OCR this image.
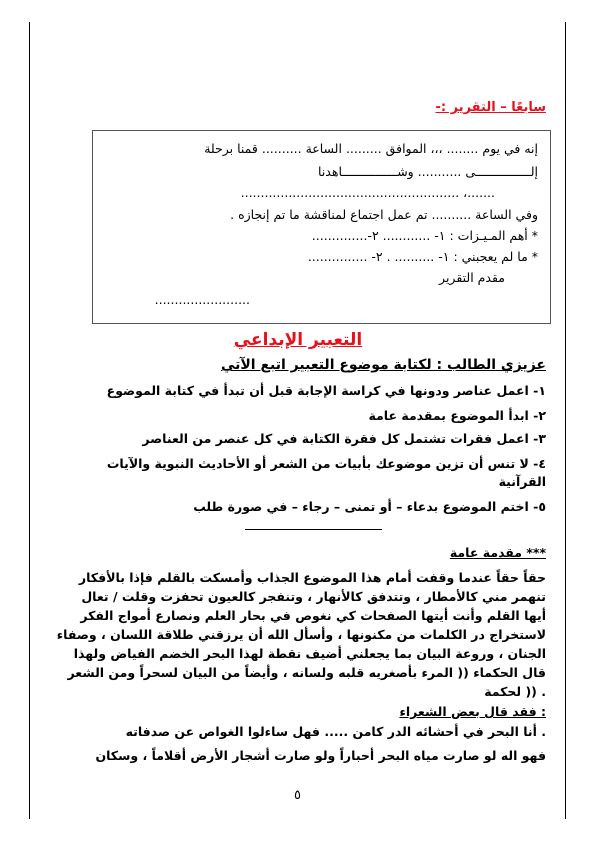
سابعًا – التقرير :-
إنه في يوم ........ ،،، الموافق ......... الساعة .......... قمنا برحلة
إلـــــــــــــــى ........... وشـــــــــــــــاهدنا
.......، .......................................................
وفي الساعة .......... تم عمل اجتماع لمناقشة ما تم إنجازه .
* أهم المـيـزات : ١- ............ ٢-..............
* ما لم يعجبني : ١- .......... . ٢- ...............
مقدم التقرير
........................
التعبير الإبداعي
عزيزي الطالب : لكتابة موضوع التعبير اتبع الآتي
١- اعمل عناصر ودونها في كراسة الإجابة قبل أن تبدأ في كتابة الموضوع
٢- ابدأ الموضوع بمقدمة عامة
٣- اعمل فقرات تشتمل كل فقرة الكتابة في كل عنصر من العناصر
٤- لا تنس أن تزين موضوعك بأبيات من الشعر أو الأحاديث النبوية والآيات
القرآنية
٥- اختم الموضوع بدعاء – أو تمنى – رجاء – في صورة طلب
*** مقدمة عامة
حقاً حقاً عندما وقفت أمام هذا الموضوع الجذاب وأمسكت بالقلم فإذا بالأفكار
تنهمر مني كالأمطار ، وتتدفق كالأنهار ، وتنفجر كالعيون تحفزت وقلت / تعال
أيها القلم وأنت أيتها الصفحات كي نغوص في بحار العلم ونصارع أمواج الفكر
لاستخراج در الكلمات من مكنونها ، وأسأل الله أن يرزقني طلاقة اللسان ، وصفاء
الجنان ، وروعة البيان بما يجعلني أضيف نقطة لهذا البحر الخضم الفياض ولهذا
قال الحكماء (( المرء بأصغريه قلبه ولسانه ، وأيضاً من البيان لسحراً ومن الشعر
. (( لحكمة
: فقد قال بعض الشعراء
. أنا البحر في أحشائه الدر كامن ..... فهل ساءلوا الغواص عن صدفاته
فهو اله لو صارت مياه البحر أحباراً ولو صارت أشجار الأرض أقلاماً ، وسكان
٥
